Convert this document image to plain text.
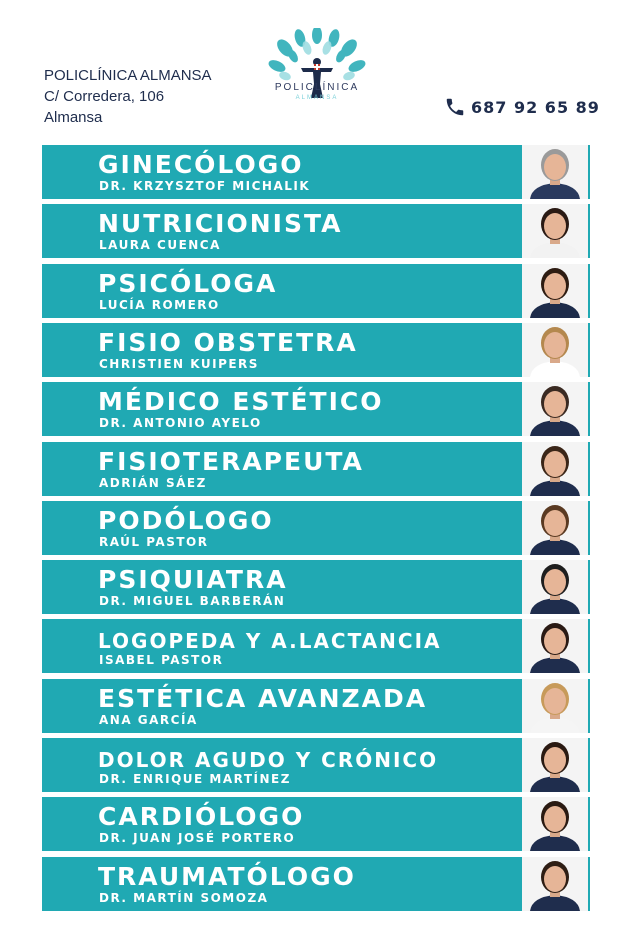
POLICLÍNICA ALMANSA
C/ Corredera, 106
Almansa
POLICLÍNICA
ALMANSA	687 92 65 89
GINECÓLOGO
DR. KRZYSZTOF MICHALIK
NUTRICIONISTA
LAURA CUENCA
PSICÓLOGA
LUCÍA ROMERO
FISIO OBSTETRA
CHRISTIEN KUIPERS
MÉDICO ESTÉTICO
DR. ANTONIO AYELO
FISIOTERAPEUTA
ADRIÁN SÁEZ
PODÓLOGO
RAÚL PASTOR
PSIQUIATRA
DR. MIGUEL BARBERÁN
LOGOPEDA Y A.LACTANCIA
ISABEL PASTOR
ESTÉTICA AVANZADA
ANA GARCÍA
DOLOR AGUDO Y CRÓNICO
DR. ENRIQUE MARTÍNEZ
CARDIÓLOGO
DR. JUAN JOSÉ PORTERO
TRAUMATÓLOGO
DR. MARTÍN SOMOZA
